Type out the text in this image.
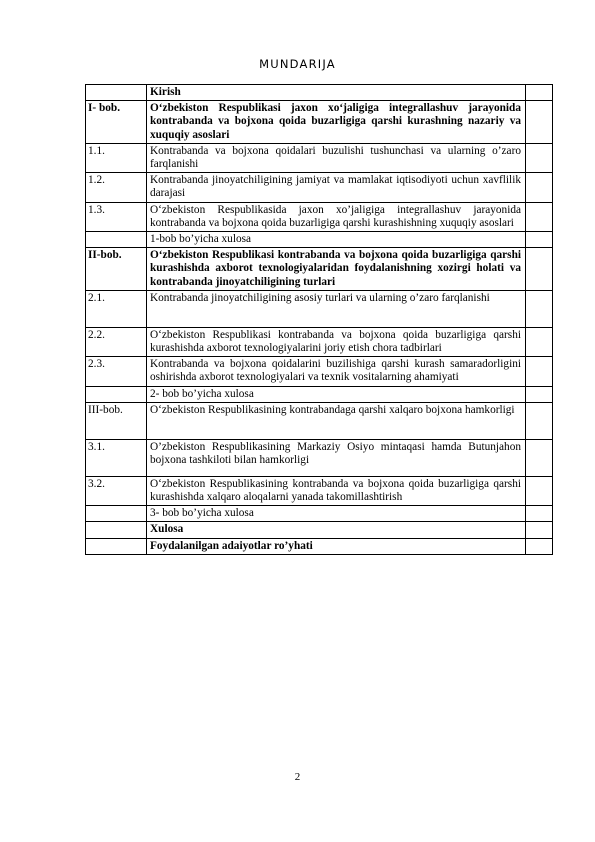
MUNDARIJA
	Kirish	
I- bob.	O‘zbekiston Respublikasi jaxon xo‘jaligiga integrallashuv jarayonida kontrabanda va bojxona qoida buzarligiga qarshi kurashning nazariy va xuquqiy asoslari	
1.1.	Kontrabanda va bojxona qoidalari buzulishi tushunchasi va ularning o’zaro farqlanishi	
1.2.	Kontrabanda jinoyatchiligining jamiyat va mamlakat iqtisodiyoti uchun xavflilik darajasi	
1.3.	O‘zbekiston Respublikasida jaxon xo’jaligiga integrallashuv jarayonida kontrabanda va bojxona qoida buzarligiga qarshi kurashishning xuquqiy asoslari	
	1-bob bo’yicha xulosa	
II-bob.	O‘zbekiston Respublikasi kontrabanda va bojxona qoida buzarligiga qarshi kurashishda axborot texnologiyalaridan foydalanishning xozirgi holati va kontrabanda jinoyatchiligining turlari	
2.1.	Kontrabanda jinoyatchiligining asosiy turlari va ularning o’zaro farqlanishi	
2.2.	O‘zbekiston Respublikasi kontrabanda va bojxona qoida buzarligiga qarshi kurashishda axborot texnologiyalarini joriy etish chora tadbirlari	
2.3.	Kontrabanda va bojxona qoidalarini buzilishiga qarshi kurash samaradorligini oshirishda axborot texnologiyalari va texnik vositalarning ahamiyati	
	2- bob bo’yicha xulosa	
III-bob.	O‘zbekiston Respublikasining kontrabandaga qarshi xalqaro bojxona hamkorligi	
3.1.	O’zbekiston Respublikasining Markaziy Osiyo mintaqasi hamda Butunjahon bojxona tashkiloti bilan hamkorligi	
3.2.	O‘zbekiston Respublikasining kontrabanda va bojxona qoida buzarligiga qarshi kurashishda xalqaro aloqalarni yanada takomillashtirish	
	3- bob bo’yicha xulosa	
	Xulosa	
	Foydalanilgan adaiyotlar ro’yhati	
2
